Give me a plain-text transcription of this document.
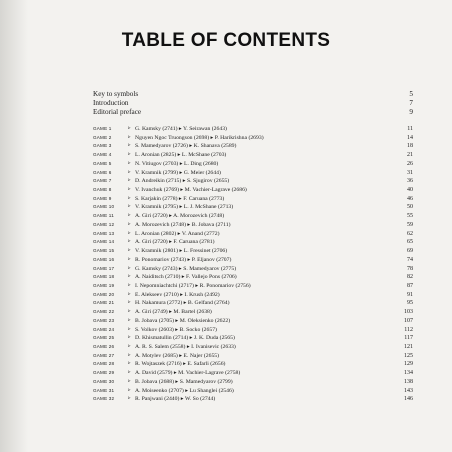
TABLE OF CONTENTS
Key to symbols	5
Introduction	7
Editorial preface	9
GAME 1	▹ G. Kamsky (2741) ▸ Y. Seirawan (2643)	11
GAME 2	▹ Nguyen Ngoc Truongson (2698) ▸ P. Harikrishna (2693)	14
GAME 3	▹ S. Mamedyarov (2726) ▸ K. Shanava (2589)	18
GAME 4	▹ L. Aronian (2825) ▸ L. McShane (2703)	21
GAME 5	▹ N. Vitiugov (2703) ▸ L. Ding (2680)	26
GAME 6	▹ V. Kramnik (2799) ▸ G. Meier (2644)	31
GAME 7	▹ D. Andreikin (2715) ▸ S. Sjugirov (2655)	36
GAME 8	▹ V. Ivanchuk (2769) ▸ M. Vachier-Lagrave (2686)	40
GAME 9	▹ S. Karjakin (2778) ▸ F. Caruana (2773)	46
GAME 10	▹ V. Kramnik (2795) ▸ L. J. McShane (2713)	50
GAME 11	▹ A. Giri (2720) ▸ A. Morozevich (2748)	55
GAME 12	▹ A. Morozevich (2748) ▸ B. Jobava (2711)	59
GAME 13	▹ L. Aronian (2802) ▸ V. Anand (2772)	62
GAME 14	▹ A. Giri (2720) ▸ F. Caruana (2781)	65
GAME 15	▹ V. Kramnik (2801) ▸ L. Fressinet (2706)	69
GAME 16	▹ R. Ponomariov (2743) ▸ P. Eljanov (2707)	74
GAME 17	▹ G. Kamsky (2743) ▸ S. Mamedyarov (2775)	78
GAME 18	▹ A. Naiditsch (2710) ▸ F. Vallejo Pons (2706)	82
GAME 19	▹ I. Nepomniachtchi (2717) ▸ R. Ponomariov (2756)	87
GAME 20	▹ E. Alekseev (2710) ▸ I. Krush (2492)	91
GAME 21	▹ H. Nakamura (2772) ▸ B. Gelfand (2764)	95
GAME 22	▹ A. Giri (2749) ▸ M. Bartel (2638)	103
GAME 23	▹ B. Jobava (2705) ▸ M. Oleksienko (2622)	107
GAME 24	▹ S. Volkov (2603) ▸ B. Socko (2657)	112
GAME 25	▹ D. Khismatullin (2714) ▸ J. K. Duda (2565)	117
GAME 26	▹ A. R. S. Salem (2558) ▸ I. Ivanisevic (2633)	121
GAME 27	▹ A. Motylev (2685) ▸ E. Najer (2655)	125
GAME 28	▹ R. Wojtaszek (2716) ▸ E. Safarli (2656)	129
GAME 29	▹ A. David (2579) ▸ M. Vachier-Lagrave (2758)	134
GAME 30	▹ B. Jobava (2688) ▸ S. Mamedyarov (2799)	138
GAME 31	▹ A. Moiseenko (2707) ▸ Lu Shanglei (2546)	143
GAME 32	▹ R. Panjwani (2440) ▸ W. So (2744)	146
